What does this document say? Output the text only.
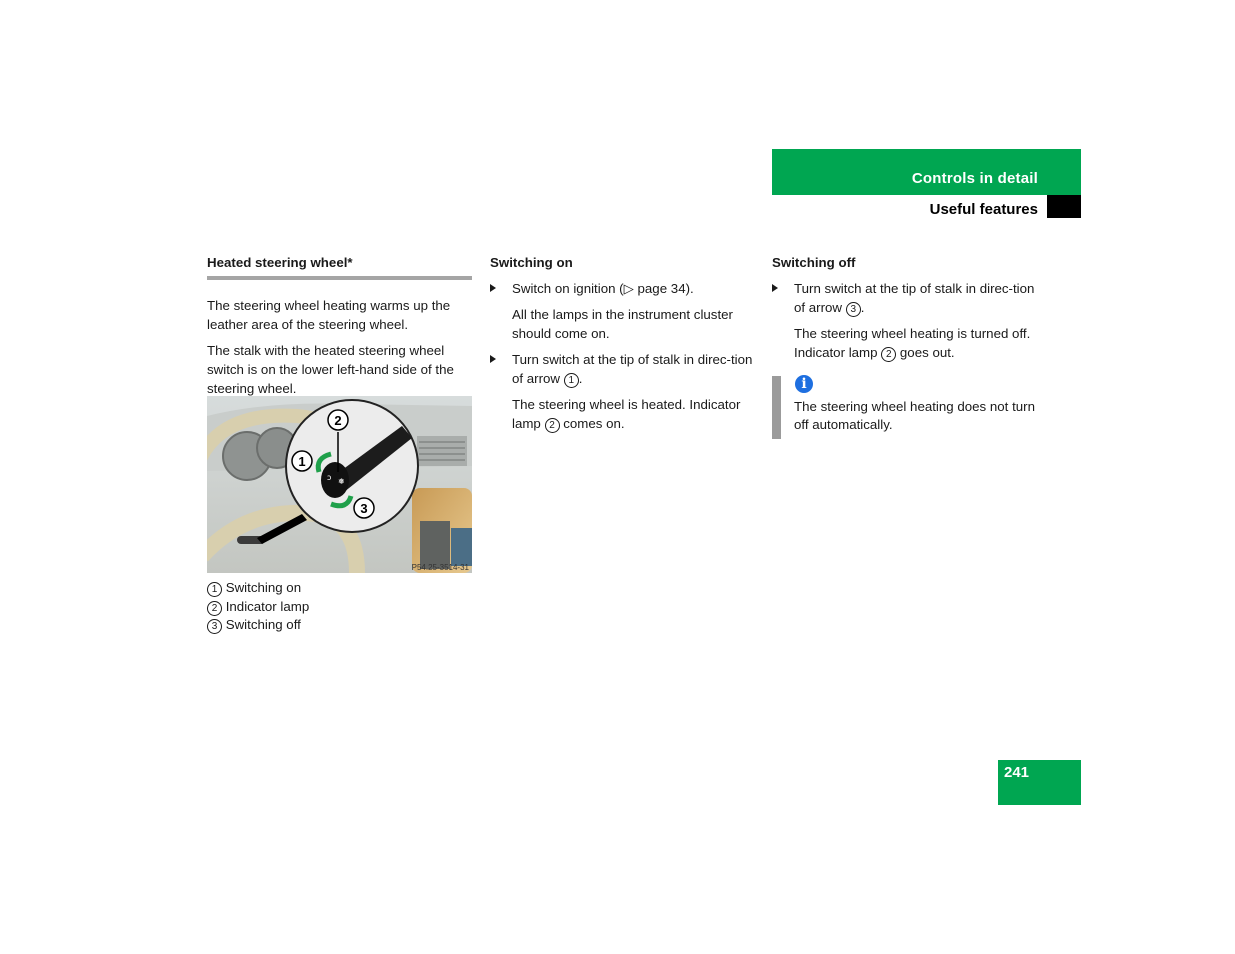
Controls in detail
Useful features
Heated steering wheel*

The steering wheel heating warms up the leather area of the steering wheel.

The stalk with the heated steering wheel switch is on the lower left-hand side of the steering wheel.

ↄ ❅
2
1
3
P54.25-3514-31
1 Switching on
2 Indicator lamp
3 Switching off
Switching on
Switch on ignition (▷ page 34).
All the lamps in the instrument cluster should come on.
Turn switch at the tip of stalk in direc-tion of arrow 1 .
The steering wheel is heated. Indicator lamp 2 comes on.
Switching off
Turn switch at the tip of stalk in direc-tion of arrow 3 .
The steering wheel heating is turned off. Indicator lamp 2 goes out.
i
The steering wheel heating does not turn off automatically.
241
